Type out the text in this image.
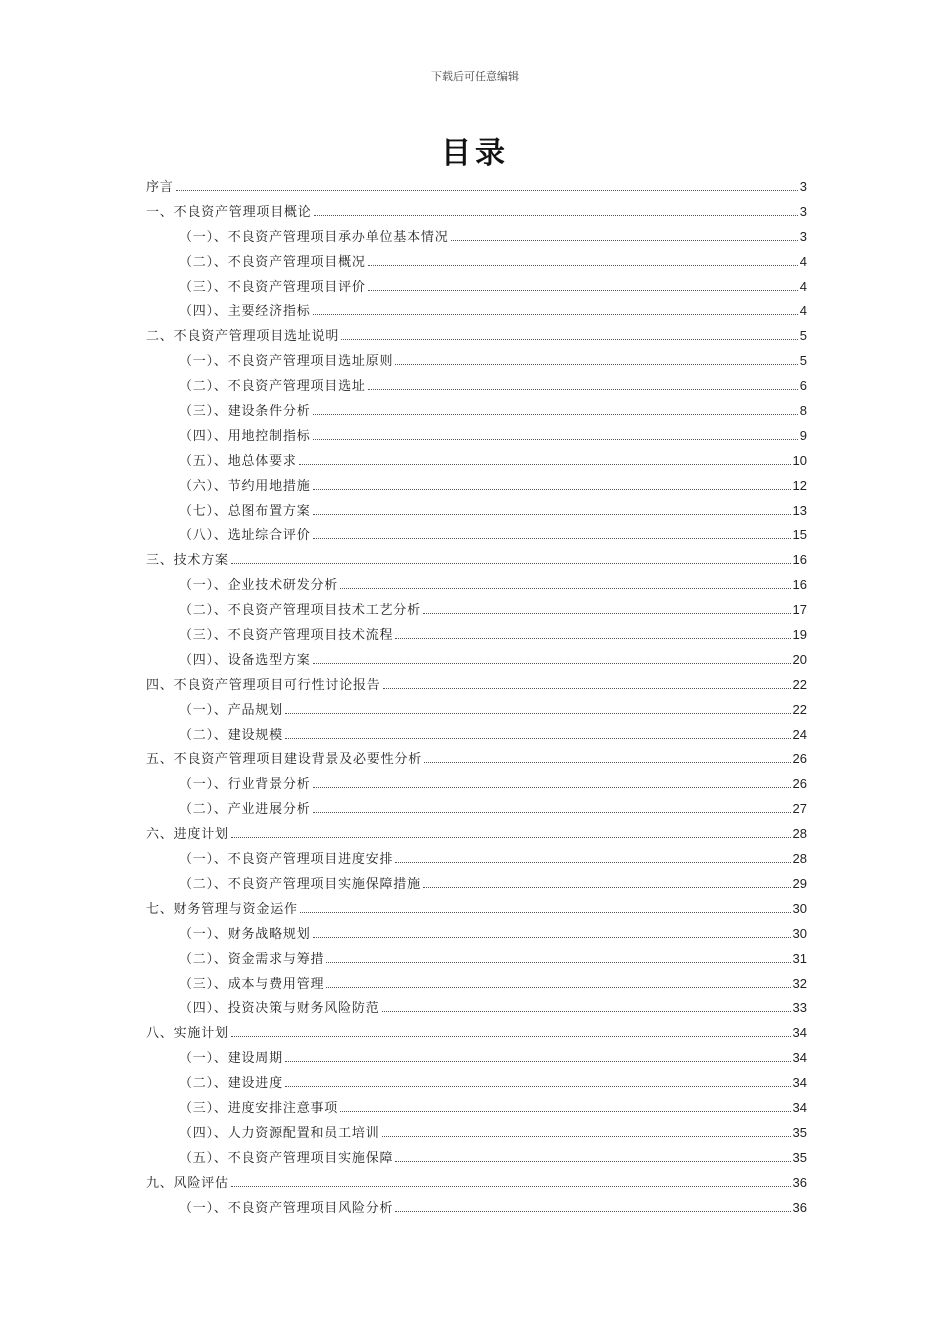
下载后可任意编辑
目录
序言	3
一、不良资产管理项目概论	3
（一）、不良资产管理项目承办单位基本情况	3
（二）、不良资产管理项目概况	4
（三）、不良资产管理项目评价	4
（四）、主要经济指标	4
二、不良资产管理项目选址说明	5
（一）、不良资产管理项目选址原则	5
（二）、不良资产管理项目选址	6
（三）、建设条件分析	8
（四）、用地控制指标	9
（五）、地总体要求	10
（六）、节约用地措施	12
（七）、总图布置方案	13
（八）、选址综合评价	15
三、技术方案	16
（一）、企业技术研发分析	16
（二）、不良资产管理项目技术工艺分析	17
（三）、不良资产管理项目技术流程	19
（四）、设备选型方案	20
四、不良资产管理项目可行性讨论报告	22
（一）、产品规划	22
（二）、建设规模	24
五、不良资产管理项目建设背景及必要性分析	26
（一）、行业背景分析	26
（二）、产业进展分析	27
六、进度计划	28
（一）、不良资产管理项目进度安排	28
（二）、不良资产管理项目实施保障措施	29
七、财务管理与资金运作	30
（一）、财务战略规划	30
（二）、资金需求与筹措	31
（三）、成本与费用管理	32
（四）、投资决策与财务风险防范	33
八、实施计划	34
（一）、建设周期	34
（二）、建设进度	34
（三）、进度安排注意事项	34
（四）、人力资源配置和员工培训	35
（五）、不良资产管理项目实施保障	35
九、风险评估	36
（一）、不良资产管理项目风险分析	36
